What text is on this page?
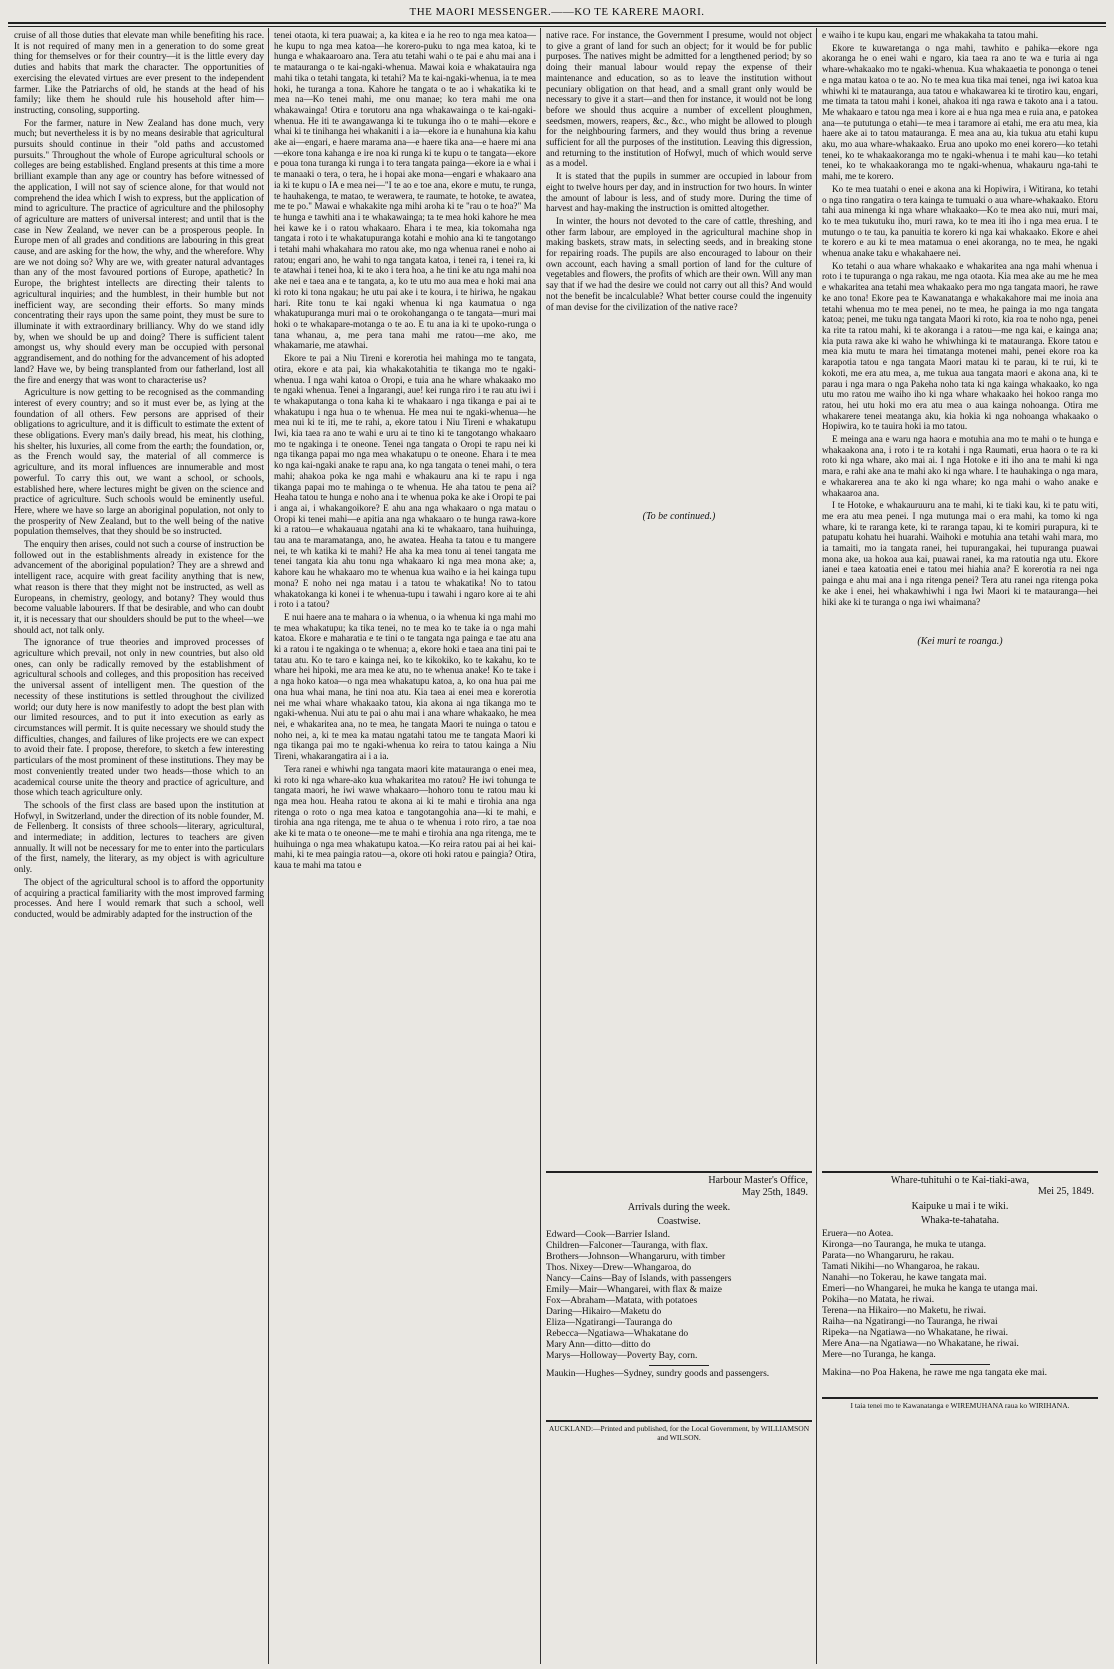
THE MAORI MESSENGER.——KO TE KARERE MAORI.

cruise of all those duties that elevate man while benefiting his race. It is not required of many men in a generation to do some great thing for themselves or for their country—it is the little every day duties and habits that mark the character. The opportunities of exercising the elevated virtues are ever present to the independent farmer. Like the Patriarchs of old, he stands at the head of his family; like them he should rule his household after him—instructing, consoling, supporting.

For the farmer, nature in New Zealand has done much, very much; but nevertheless it is by no means desirable that agricultural pursuits should continue in their "old paths and accustomed pursuits." Throughout the whole of Europe agricultural schools or colleges are being established. England presents at this time a more brilliant example than any age or country has before witnessed of the application, I will not say of science alone, for that would not comprehend the idea which I wish to express, but the application of mind to agriculture. The practice of agriculture and the philosophy of agriculture are matters of universal interest; and until that is the case in New Zealand, we never can be a prosperous people. In Europe men of all grades and conditions are labouring in this great cause, and are asking for the how, the why, and the wherefore. Why are we not doing so? Why are we, with greater natural advantages than any of the most favoured portions of Europe, apathetic? In Europe, the brightest intellects are directing their talents to agricultural inquiries; and the humblest, in their humble but not inefficient way, are seconding their efforts. So many minds concentrating their rays upon the same point, they must be sure to illuminate it with extraordinary brilliancy. Why do we stand idly by, when we should be up and doing? There is sufficient talent amongst us, why should every man be occupied with personal aggrandisement, and do nothing for the advancement of his adopted land? Have we, by being transplanted from our fatherland, lost all the fire and energy that was wont to characterise us?

Agriculture is now getting to be recognised as the commanding interest of every country; and so it must ever be, as lying at the foundation of all others. Few persons are apprised of their obligations to agriculture, and it is difficult to estimate the extent of these obligations. Every man's daily bread, his meat, his clothing, his shelter, his luxuries, all come from the earth; the foundation, or, as the French would say, the material of all commerce is agriculture, and its moral influences are innumerable and most powerful. To carry this out, we want a school, or schools, established here, where lectures might be given on the science and practice of agriculture. Such schools would be eminently useful. Here, where we have so large an aboriginal population, not only to the prosperity of New Zealand, but to the well being of the native population themselves, that they should be so instructed.

The enquiry then arises, could not such a course of instruction be followed out in the establishments already in existence for the advancement of the aboriginal population? They are a shrewd and intelligent race, acquire with great facility anything that is new, what reason is there that they might not be instructed, as well as Europeans, in chemistry, geology, and botany? They would thus become valuable labourers. If that be desirable, and who can doubt it, it is necessary that our shoulders should be put to the wheel—we should act, not talk only.

The ignorance of true theories and improved processes of agriculture which prevail, not only in new countries, but also old ones, can only be radically removed by the establishment of agricultural schools and colleges, and this proposition has received the universal assent of intelligent men. The question of the necessity of these institutions is settled throughout the civilized world; our duty here is now manifestly to adopt the best plan with our limited resources, and to put it into execution as early as circumstances will permit. It is quite necessary we should study the difficulties, changes, and failures of like projects ere we can expect to avoid their fate. I propose, therefore, to sketch a few interesting particulars of the most prominent of these institutions. They may be most conveniently treated under two heads—those which to an academical course unite the theory and practice of agriculture, and those which teach agriculture only.

The schools of the first class are based upon the institution at Hofwyl, in Switzerland, under the direction of its noble founder, M. de Fellenberg. It consists of three schools—literary, agricultural, and intermediate; in addition, lectures to teachers are given annually. It will not be necessary for me to enter into the particulars of the first, namely, the literary, as my object is with agriculture only.

The object of the agricultural school is to afford the opportunity of acquiring a practical familiarity with the most improved farming processes. And here I would remark that such a school, well conducted, would be admirably adapted for the instruction of the

tenei otaota, ki tera puawai; a, ka kitea e ia he reo to nga mea katoa—he kupu to nga mea katoa—he korero-puku to nga mea katoa, ki te hunga e whakaaroaro ana. Tera atu tetahi wahi o te pai e ahu mai ana i te matauranga o te kai-ngaki-whenua. Mawai koia e whakatauira nga mahi tika o tetahi tangata, ki tetahi? Ma te kai-ngaki-whenua, ia te mea hoki, he turanga a tona. Kahore he tangata o te ao i whakatika ki te mea na—Ko tenei mahi, me onu manae; ko tera mahi me ona whakawainga! Otira e torutoru ana nga whakawainga o te kai-ngaki-whenua. He iti te awangawanga ki te tukunga iho o te mahi—ekore e whai ki te tinihanga hei whakaniti i a ia—ekore ia e hunahuna kia kahu ake ai—engari, e haere marama ana—e haere tika ana—e haere mi ana—ekore tona kahanga e ire noa ki runga ki te kupu o te tangata—ekore e poua tona turanga ki runga i to tera tangata painga—ekore ia e whai i te manaaki o tera, o tera, he i hopai ake mona—engari e whakaaro ana ia ki te kupu o IA e mea nei—"I te ao e toe ana, ekore e mutu, te runga, te hauhakenga, te matao, te werawera, te raumate, te hotoke, te awatea, me te po." Mawai e whakakite nga mihi aroha ki te "rau o te hoa?" Ma te hunga e tawhiti ana i te whakawainga; ta te mea hoki kahore he mea hei kawe ke i o ratou whakaaro. Ehara i te mea, kia tokomaha nga tangata i roto i te whakatupuranga kotahi e mohio ana ki te tangotango i tetahi mahi whakahara mo ratou ake, mo nga whenua ranei e noho ai ratou; engari ano, he wahi to nga tangata katoa, i tenei ra, i tenei ra, ki te atawhai i tenei hoa, ki te ako i tera hoa, a he tini ke atu nga mahi noa ake nei e taea ana e te tangata, a, ko te utu mo aua mea e hoki mai ana ki roto ki tona ngakau; he utu pai ake i te koura, i te hiriwa, he ngakau hari. Rite tonu te kai ngaki whenua ki nga kaumatua o nga whakatupuranga muri mai o te orokohanganga o te tangata—muri mai hoki o te whakapare-motanga o te ao. E tu ana ia ki te upoko-runga o tana whanau, a, me pera tana mahi me ratou—me ako, me whakamarie, me atawhai.

Ekore te pai a Niu Tireni e korerotia hei mahinga mo te tangata, otira, ekore e ata pai, kia whakakotahitia te tikanga mo te ngaki-whenua. I nga wahi katoa o Oropi, e tuia ana he whare whakaako mo te ngaki whenua. Tenei a Ingarangi, aue! kei runga riro i te rau atu iwi i te whakaputanga o tona kaha ki te whakaaro i nga tikanga e pai ai te whakatupu i nga hua o te whenua. He mea nui te ngaki-whenua—he mea nui ki te iti, me te rahi, a, ekore tatou i Niu Tireni e whakatupu Iwi, kia taea ra ano te wahi e uru ai te tino ki te tangotango whakaaro mo te ngakinga i te oneone. Tenei nga tangata o Oropi te rapu nei ki nga tikanga papai mo nga mea whakatupu o te oneone. Ehara i te mea ko nga kai-ngaki anake te rapu ana, ko nga tangata o tenei mahi, o tera mahi; ahakoa poka ke nga mahi e whakauru ana ki te rapu i nga tikanga papai mo te mahinga o te whenua. He aha tatou te pena ai? Heaha tatou te hunga e noho ana i te whenua poka ke ake i Oropi te pai i anga ai, i whakangoikore? E ahu ana nga whakaaro o nga matau o Oropi ki tenei mahi—e apitia ana nga whakaaro o te hunga rawa-kore ki a ratou—e whakauaua ngatahi ana ki te whakaaro, tana huihuinga, tau ana te maramatanga, ano, he awatea. Heaha ta tatou e tu mangere nei, te wh katika ki te mahi? He aha ka mea tonu ai tenei tangata me tenei tangata kia ahu tonu nga whakaaro ki nga mea mona ake; a, kahore kau he whakaaro mo te whenua kua waiho e ia hei kainga tupu mona? E noho nei nga matau i a tatou te whakatika! No to tatou whakatokanga ki konei i te whenua-tupu i tawahi i ngaro kore ai te ahi i roto i a tatou?

E nui haere ana te mahara o ia whenua, o ia whenua ki nga mahi mo te mea whakatupu; ka tika tenei, no te mea ko te take ia o nga mahi katoa. Ekore e maharatia e te tini o te tangata nga painga e tae atu ana ki a ratou i te ngakinga o te whenua; a, ekore hoki e taea ana tini pai te tatau atu. Ko te taro e kainga nei, ko te kikokiko, ko te kakahu, ko te whare hei hipoki, me ara mea ke atu, no te whenua anake! Ko te take i a nga hoko katoa—o nga mea whakatupu katoa, a, ko ona hua pai me ona hua whai mana, he tini noa atu. Kia taea ai enei mea e korerotia nei me whai whare whakaako tatou, kia akona ai nga tikanga mo te ngaki-whenua. Nui atu te pai o ahu mai i ana whare whakaako, he mea nei, e whakaritea ana, no te mea, he tangata Maori te nuinga o tatou e noho nei, a, ki te mea ka matau ngatahi tatou me te tangata Maori ki nga tikanga pai mo te ngaki-whenua ko reira to tatou kainga a Niu Tireni, whakarangatira ai i a ia.

Tera ranei e whiwhi nga tangata maori kite matauranga o enei mea, ki roto ki nga whare-ako kua whakaritea mo ratou? He iwi tohunga te tangata maori, he iwi wawe whakaaro—hohoro tonu te ratou mau ki nga mea hou. Heaha ratou te akona ai ki te mahi e tirohia ana nga ritenga o roto o nga mea katoa e tangotangohia ana—ki te mahi, e tirohia ana nga ritenga, me te ahua o te whenua i roto riro, a tae noa ake ki te mata o te oneone—me te mahi e tirohia ana nga ritenga, me te huihuinga o nga mea whakatupu katoa.—Ko reira ratou pai ai hei kai-mahi, ki te mea paingia ratou—a, okore oti hoki ratou e paingia? Otira, kaua te mahi ma tatou e

native race. For instance, the Government I presume, would not object to give a grant of land for such an object; for it would be for public purposes. The natives might be admitted for a lengthened period; by so doing their manual labour would repay the expense of their maintenance and education, so as to leave the institution without pecuniary obligation on that head, and a small grant only would be necessary to give it a start—and then for instance, it would not be long before we should thus acquire a number of excellent ploughmen, seedsmen, mowers, reapers, &c., &c., who might be allowed to plough for the neighbouring farmers, and they would thus bring a revenue sufficient for all the purposes of the institution. Leaving this digression, and returning to the institution of Hofwyl, much of which would serve as a model.

It is stated that the pupils in summer are occupied in labour from eight to twelve hours per day, and in instruction for two hours. In winter the amount of labour is less, and of study more. During the time of harvest and hay-making the instruction is omitted altogether.

In winter, the hours not devoted to the care of cattle, threshing, and other farm labour, are employed in the agricultural machine shop in making baskets, straw mats, in selecting seeds, and in breaking stone for repairing roads. The pupils are also encouraged to labour on their own account, each having a small portion of land for the culture of vegetables and flowers, the profits of which are their own. Will any man say that if we had the desire we could not carry out all this? And would not the benefit be incalculable? What better course could the ingenuity of man devise for the civilization of the native race?

(To be continued.)

e waiho i te kupu kau, engari me whakakaha ta tatou mahi.

Ekore te kuwaretanga o nga mahi, tawhito e pahika—ekore nga akoranga he o enei wahi e ngaro, kia taea ra ano te wa e turia ai nga whare-whakaako mo te ngaki-whenua. Kua whakaaetia te pononga o tenei e nga matau katoa o te ao. No te mea kua tika mai tenei, nga iwi katoa kua whiwhi ki te matauranga, aua tatou e whakawarea ki te tirotiro kau, engari, me timata ta tatou mahi i konei, ahakoa iti nga rawa e takoto ana i a tatou. Me whakaaro e tatou nga mea i kore ai e hua nga mea e ruia ana, e patokea ana—te pututunga o etahi—te mea i taramore ai etahi, me era atu mea, kia haere ake ai to tatou matauranga. E mea ana au, kia tukua atu etahi kupu aku, mo aua whare-whakaako. Erua ano upoko mo enei korero—ko tetahi tenei, ko te whakaakoranga mo te ngaki-whenua i te mahi kau—ko tetahi tenei, ko te whakaakoranga mo te ngaki-whenua, whakauru nga-tahi te mahi, me te korero.

Ko te mea tuatahi o enei e akona ana ki Hopiwira, i Witirana, ko tetahi o nga tino rangatira o tera kainga te tumuaki o aua whare-whakaako. Etoru tahi aua minenga ki nga whare whakaako—Ko te mea ako nui, muri mai, ko te mea tukutuku iho, muri rawa, ko te mea iti iho i nga mea erua. I te mutungo o te tau, ka panuitia te korero ki nga kai whakaako. Ekore e ahei te korero e au ki te mea matamua o enei akoranga, no te mea, he ngaki whenua anake taku e whakahaere nei.

Ko tetahi o aua whare whakaako e whakaritea ana nga mahi whenua i roto i te tupuranga o nga rakau, me nga otaota. Kia mea ake au me he mea e whakaritea ana tetahi mea whakaako pera mo nga tangata maori, he rawe ke ano tona! Ekore pea te Kawanatanga e whakakahore mai me inoia ana tetahi whenua mo te mea penei, no te mea, he painga ia mo nga tangata katoa; penei, me tuku nga tangata Maori ki roto, kia roa te noho nga, penei ka rite ta ratou mahi, ki te akoranga i a ratou—me nga kai, e kainga ana; kia puta rawa ake ki waho he whiwhinga ki te matauranga. Ekore tatou e mea kia mutu te mara hei timatanga motenei mahi, penei ekore roa ka karapotia tatou e nga tangata Maori matau ki te parau, ki te rui, ki te kokoti, me era atu mea, a, me tukua aua tangata maori e akona ana, ki te parau i nga mara o nga Pakeha noho tata ki nga kainga whakaako, ko nga utu mo ratou me waiho iho ki nga whare whakaako hei hokoo ranga mo ratou, hei utu hoki mo era atu mea o aua kainga nohoanga. Otira me whakarere tenei meatanga aku, kia hokia ki nga nohoanga whakaako o Hopiwira, ko te tauira hoki ia mo tatou.

E meinga ana e waru nga haora e motuhia ana mo te mahi o te hunga e whakaakona ana, i roto i te ra kotahi i nga Raumati, erua haora o te ra ki roto ki nga whare, ako mai ai. I nga Hotoke e iti iho ana te mahi ki nga mara, e rahi ake ana te mahi ako ki nga whare. I te hauhakinga o nga mara, e whakarerea ana te ako ki nga whare; ko nga mahi o waho anake e whakaaroa ana.

I te Hotoke, e whakauruuru ana te mahi, ki te tiaki kau, ki te patu witi, me era atu mea penei. I nga mutunga mai o era mahi, ka tomo ki nga whare, ki te raranga kete, ki te raranga tapau, ki te komiri purapura, ki te patupatu kohatu hei huarahi. Waihoki e motuhia ana tetahi wahi mara, mo ia tamaiti, mo ia tangata ranei, hei tupurangakai, hei tupuranga puawai mona ake, ua hokoa aua kai, puawai ranei, ka ma ratoutia nga utu. Ekore ianei e taea katoatia enei e tatou mei hiahia ana? E korerotia ra nei nga painga e ahu mai ana i nga ritenga penei? Tera atu ranei nga ritenga poka ke ake i enei, hei whakawhiwhi i nga Iwi Maori ki te matauranga—hei hiki ake ki te turanga o nga iwi whaimana?

(Kei muri te roanga.)

Harbour Master's Office,
May 25th, 1849.
Arrivals during the week.
Coastwise.

Edward—Cook—Barrier Island.

Children—Falconer—Tauranga, with flax.

Brothers—Johnson—Whangaruru, with timber

Thos. Nixey—Drew—Whangaroa, do

Nancy—Cains—Bay of Islands, with passengers

Emily—Mair—Whangarei, with flax & maize

Fox—Abraham—Matata, with potatoes

Daring—Hikairo—Maketu do

Eliza—Ngatirangi—Tauranga do

Rebecca—Ngatiawa—Whakatane do

Mary Ann—ditto—ditto do

Marys—Holloway—Poverty Bay, corn.

Maukin—Hughes—Sydney, sundry goods and passengers.

AUCKLAND:—Printed and published, for the Local Government, by WILLIAMSON and WILSON.
Whare-tuhituhi o te Kai-tiaki-awa,
Mei 25, 1849.
Kaipuke u mai i te wiki.
Whaka-te-tahataha.

Eruera—no Aotea.

Kironga—no Tauranga, he muka te utanga.

Parata—no Whangaruru, he rakau.

Tamati Nikihi—no Whangaroa, he rakau.

Nanahi—no Tokerau, he kawe tangata mai.

Emeri—no Whangarei, he muka he kanga te utanga mai.

Pokiha—no Matata, he riwai.

Terena—na Hikairo—no Maketu, he riwai.

Raiha—na Ngatirangi—no Tauranga, he riwai

Ripeka—na Ngatiawa—no Whakatane, he riwai.

Mere Ana—na Ngatiawa—no Whakatane, he riwai.

Mere—no Turanga, he kanga.

Makina—no Poa Hakena, he rawe me nga tangata eke mai.

I taia tenei mo te Kawanatanga e WIREMUHANA raua ko WIRIHANA.
